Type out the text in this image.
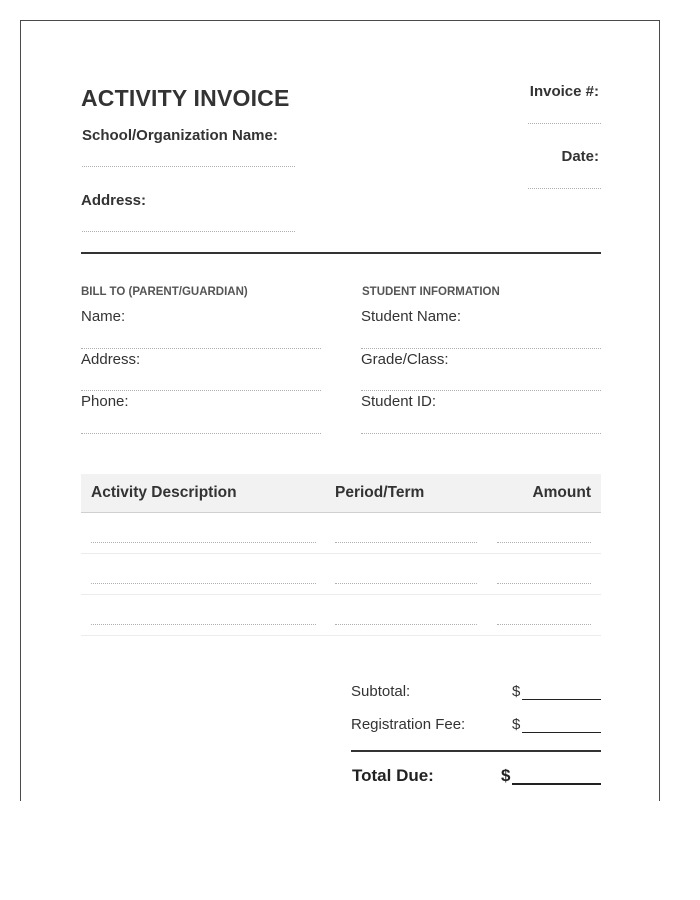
ACTIVITY INVOICE
School/Organization Name:
Address:
Invoice #:
Date:
BILL TO (PARENT/GUARDIAN)
Name:
Address:
Phone:
STUDENT INFORMATION
Student Name:
Grade/Class:
Student ID:
Activity Description	Period/Term	Amount
Subtotal:	$
Registration Fee:	$
Total Due:	$
